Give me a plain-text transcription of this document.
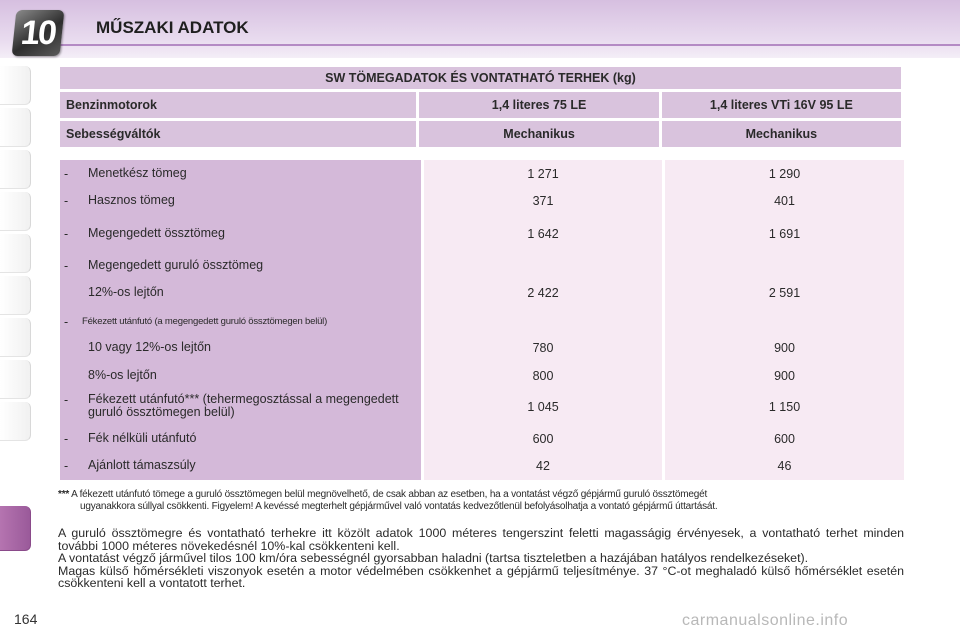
10	MŰSZAKI ADATOK
SW TÖMEGADATOK ÉS VONTATHATÓ TERHEK (kg)		
Benzinmotorok	1,4 literes 75 LE	1,4 literes VTi 16V 95 LE
Sebességváltók	Mechanikus	Mechanikus
- Menetkész tömeg	1 271	1 290
- Hasznos tömeg	371	401
- Megengedett össztömeg	1 642	1 691
- Megengedett guruló össztömeg
12%-os lejtőn	2 422	2 591
- Fékezett utánfutó (a megengedett guruló össztömegen belül)
10 vagy 12%-os lejtőn	780	900
8%-os lejtőn	800	900
- Fékezett utánfutó*** (tehermegosztással a megengedett guruló össztömegen belül)	1 045	1 150
- Fék nélküli utánfutó	600	600
- Ajánlott támaszsúly	42	46
*** A fékezett utánfutó tömege a guruló össztömegen belül megnövelhető, de csak abban az esetben, ha a vontatást végző gépjármű guruló össztömegét
ugyanakkora súllyal csökkenti. Figyelem! A kevéssé megterhelt gépjárművel való vontatás kedvezőtlenül befolyásolhatja a vontató gépjármű úttartását.

A guruló össztömegre és vontatható terhekre itt közölt adatok 1000 méteres tengerszint feletti magasságig érvényesek, a vontatható terhet minden további 1000 méteres növekedésnél 10%-kal csökkenteni kell.

A vontatást végző járművel tilos 100 km/óra sebességnél gyorsabban haladni (tartsa tiszteletben a hazájában hatályos rendelkezéseket).

Magas külső hőmérsékleti viszonyok esetén a motor védelmében csökkenhet a gépjármű teljesítménye. 37 °C-ot meghaladó külső hőmérséklet esetén csökkenteni kell a vontatott terhet.

164	carmanualsonline.info
